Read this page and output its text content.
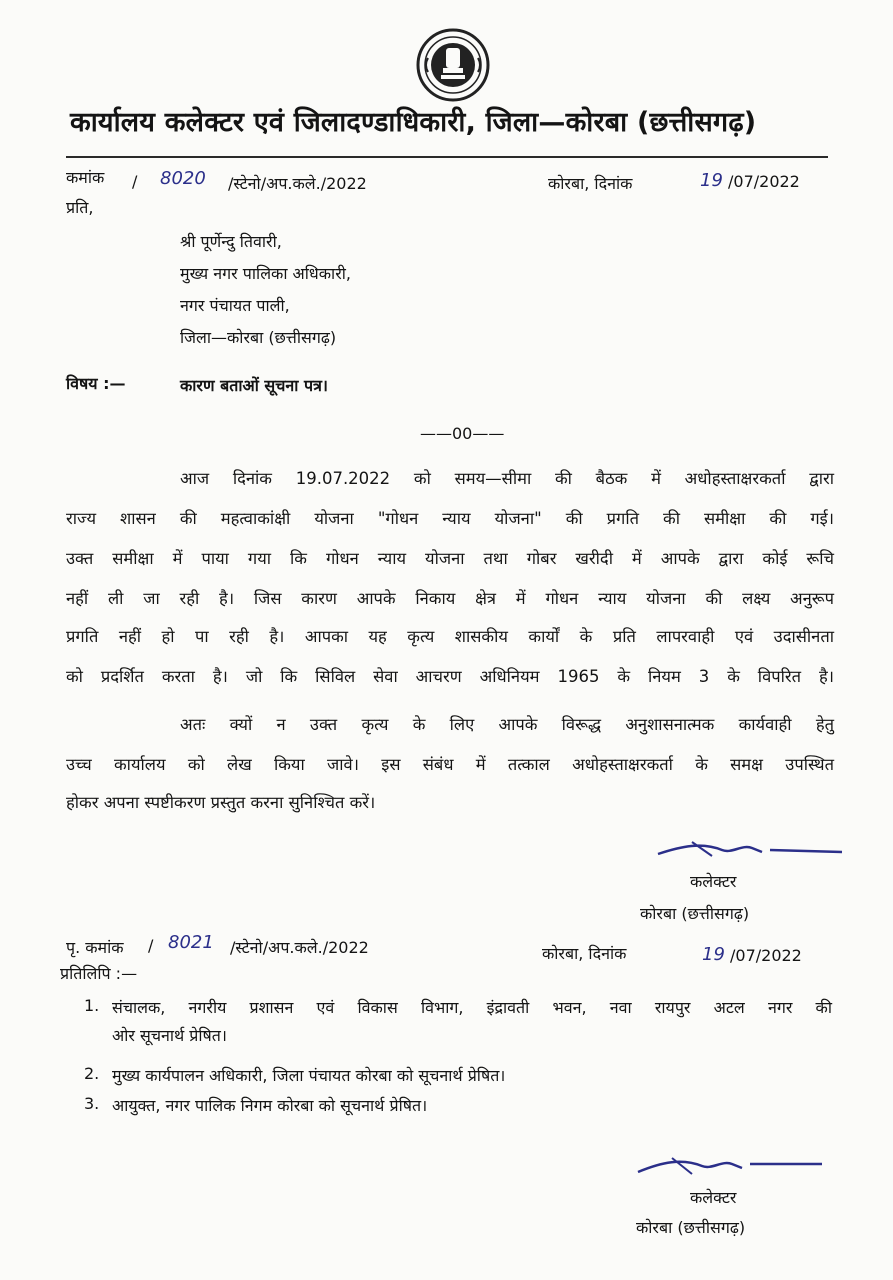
कार्यालय कलेक्टर एवं जिलादण्डाधिकारी, जिला—कोरबा (छत्तीसगढ़)
कमांक / 8020 /स्टेनो/अप.कले./2022	कोरबा, दिनांक	19 /07/2022
प्रति,
श्री पूर्णेन्दु तिवारी,
मुख्य नगर पालिका अधिकारी,
नगर पंचायत पाली,
जिला—कोरबा (छत्तीसगढ़)
विषय :—	कारण बताओं सूचना पत्र।
——00——
आज दिनांक 19.07.2022 को समय—सीमा की बैठक में अधोहस्ताक्षरकर्ता द्वारा
राज्य शासन की महत्वाकांक्षी योजना "गोधन न्याय योजना" की प्रगति की समीक्षा की गई।
उक्त समीक्षा में पाया गया कि गोधन न्याय योजना तथा गोबर खरीदी में आपके द्वारा कोई रूचि
नहीं ली जा रही है। जिस कारण आपके निकाय क्षेत्र में गोधन न्याय योजना की लक्ष्य अनुरूप
प्रगति नहीं हो पा रही है। आपका यह कृत्य शासकीय कार्यों के प्रति लापरवाही एवं उदासीनता
को प्रदर्शित करता है। जो कि सिविल सेवा आचरण अधिनियम 1965 के नियम 3 के विपरित है।
अतः क्यों न उक्त कृत्य के लिए आपके विरूद्ध अनुशासनात्मक कार्यवाही हेतु
उच्च कार्यालय को लेख किया जावे। इस संबंध में तत्काल अधोहस्ताक्षरकर्ता के समक्ष उपस्थित
होकर अपना स्पष्टीकरण प्रस्तुत करना सुनिश्चित करें।
कलेक्टर
कोरबा (छत्तीसगढ़)
पृ. कमांक / 8021 /स्टेनो/अप.कले./2022	कोरबा, दिनांक	19 /07/2022
प्रतिलिपि :—
1. संचालक, नगरीय प्रशासन एवं विकास विभाग, इंद्रावती भवन, नवा रायपुर अटल नगर की
ओर सूचनार्थ प्रेषित।
2. मुख्य कार्यपालन अधिकारी, जिला पंचायत कोरबा को सूचनार्थ प्रेषित।
3. आयुक्त, नगर पालिक निगम कोरबा को सूचनार्थ प्रेषित।
कलेक्टर
कोरबा (छत्तीसगढ़)
